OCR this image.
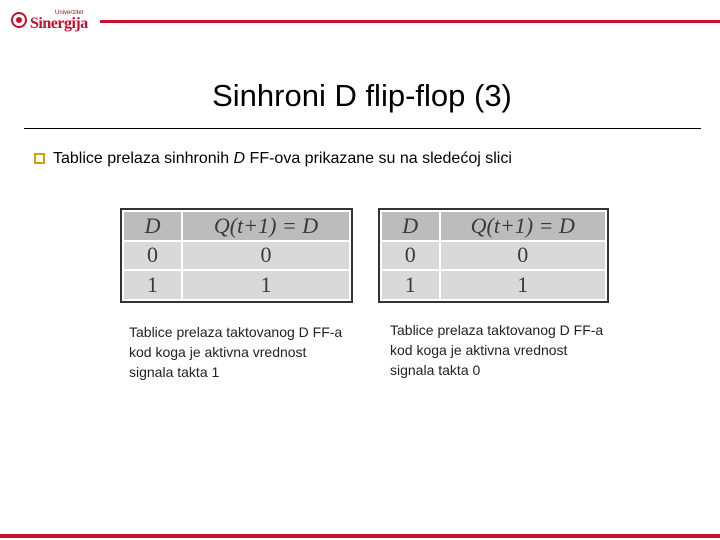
Univerzitet
Sinergija
Sinhroni D flip-flop (3)
Tablice prelaza sinhronih D FF-ova prikazane su na sledećoj slici
D	Q(t+1) = D
0	0
1	1
D	Q(t+1) = D
0	0
1	1
Tablice prelaza taktovanog D FF-a kod koga je aktivna vrednost signala takta 1
Tablice prelaza taktovanog D FF-a kod koga je aktivna vrednost signala takta 0
